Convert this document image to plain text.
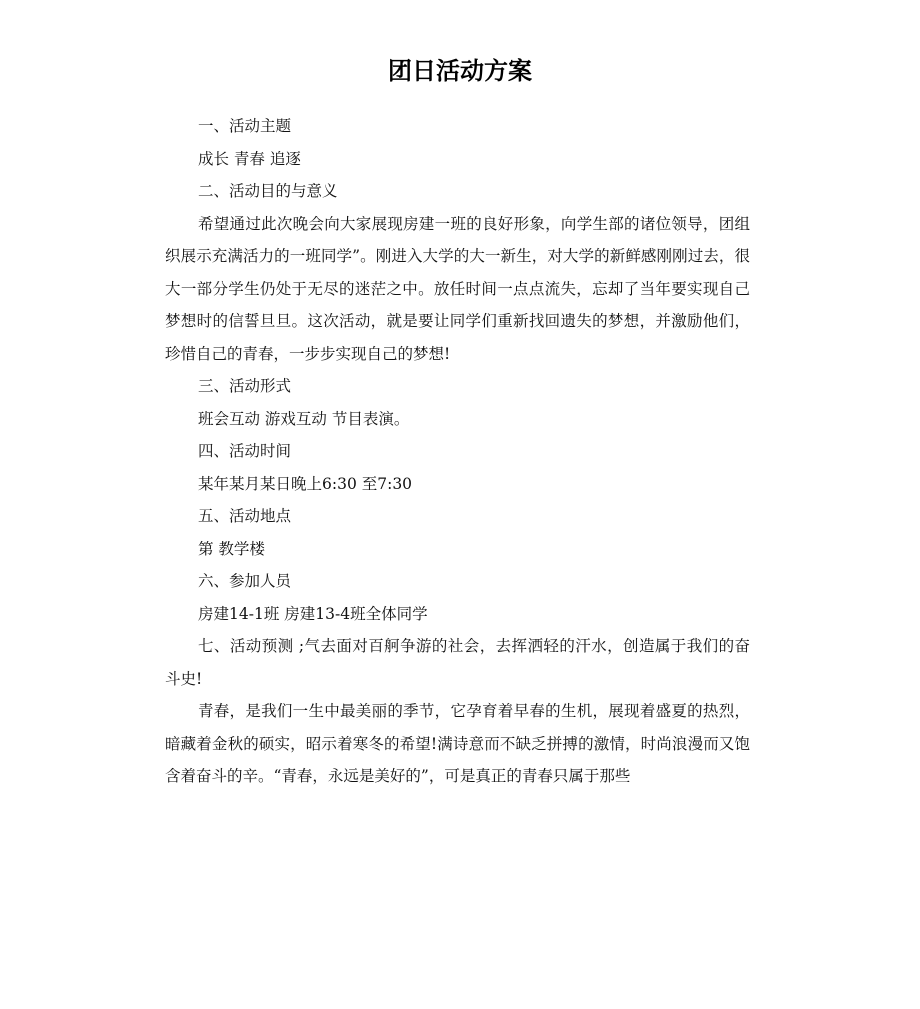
团日活动方案

一、活动主题

成长 青春 追逐

二、活动目的与意义

希望通过此次晚会向大家展现房建一班的良好形象，向学生部的诸位领导，团组织展示充满活力的一班同学”。刚进入大学的大一新生，对大学的新鲜感刚刚过去，很大一部分学生仍处于无尽的迷茫之中。放任时间一点点流失，忘却了当年要实现自己梦想时的信誓旦旦。这次活动，就是要让同学们重新找回遗失的梦想，并激励他们，珍惜自己的青春，一步步实现自己的梦想!

三、活动形式

班会互动 游戏互动 节目表演。

四、活动时间

某年某月某日晚上6:30 至7:30

五、活动地点

第 教学楼

六、参加人员

房建14-1班 房建13-4班全体同学

七、活动预测 ;气去面对百舸争游的社会，去挥洒轻的汗水，创造属于我们的奋斗史!

青春，是我们一生中最美丽的季节，它孕育着早春的生机，展现着盛夏的热烈，暗藏着金秋的硕实，昭示着寒冬的希望!满诗意而不缺乏拼搏的激情，时尚浪漫而又饱含着奋斗的辛。“青春，永远是美好的”，可是真正的青春只属于那些
